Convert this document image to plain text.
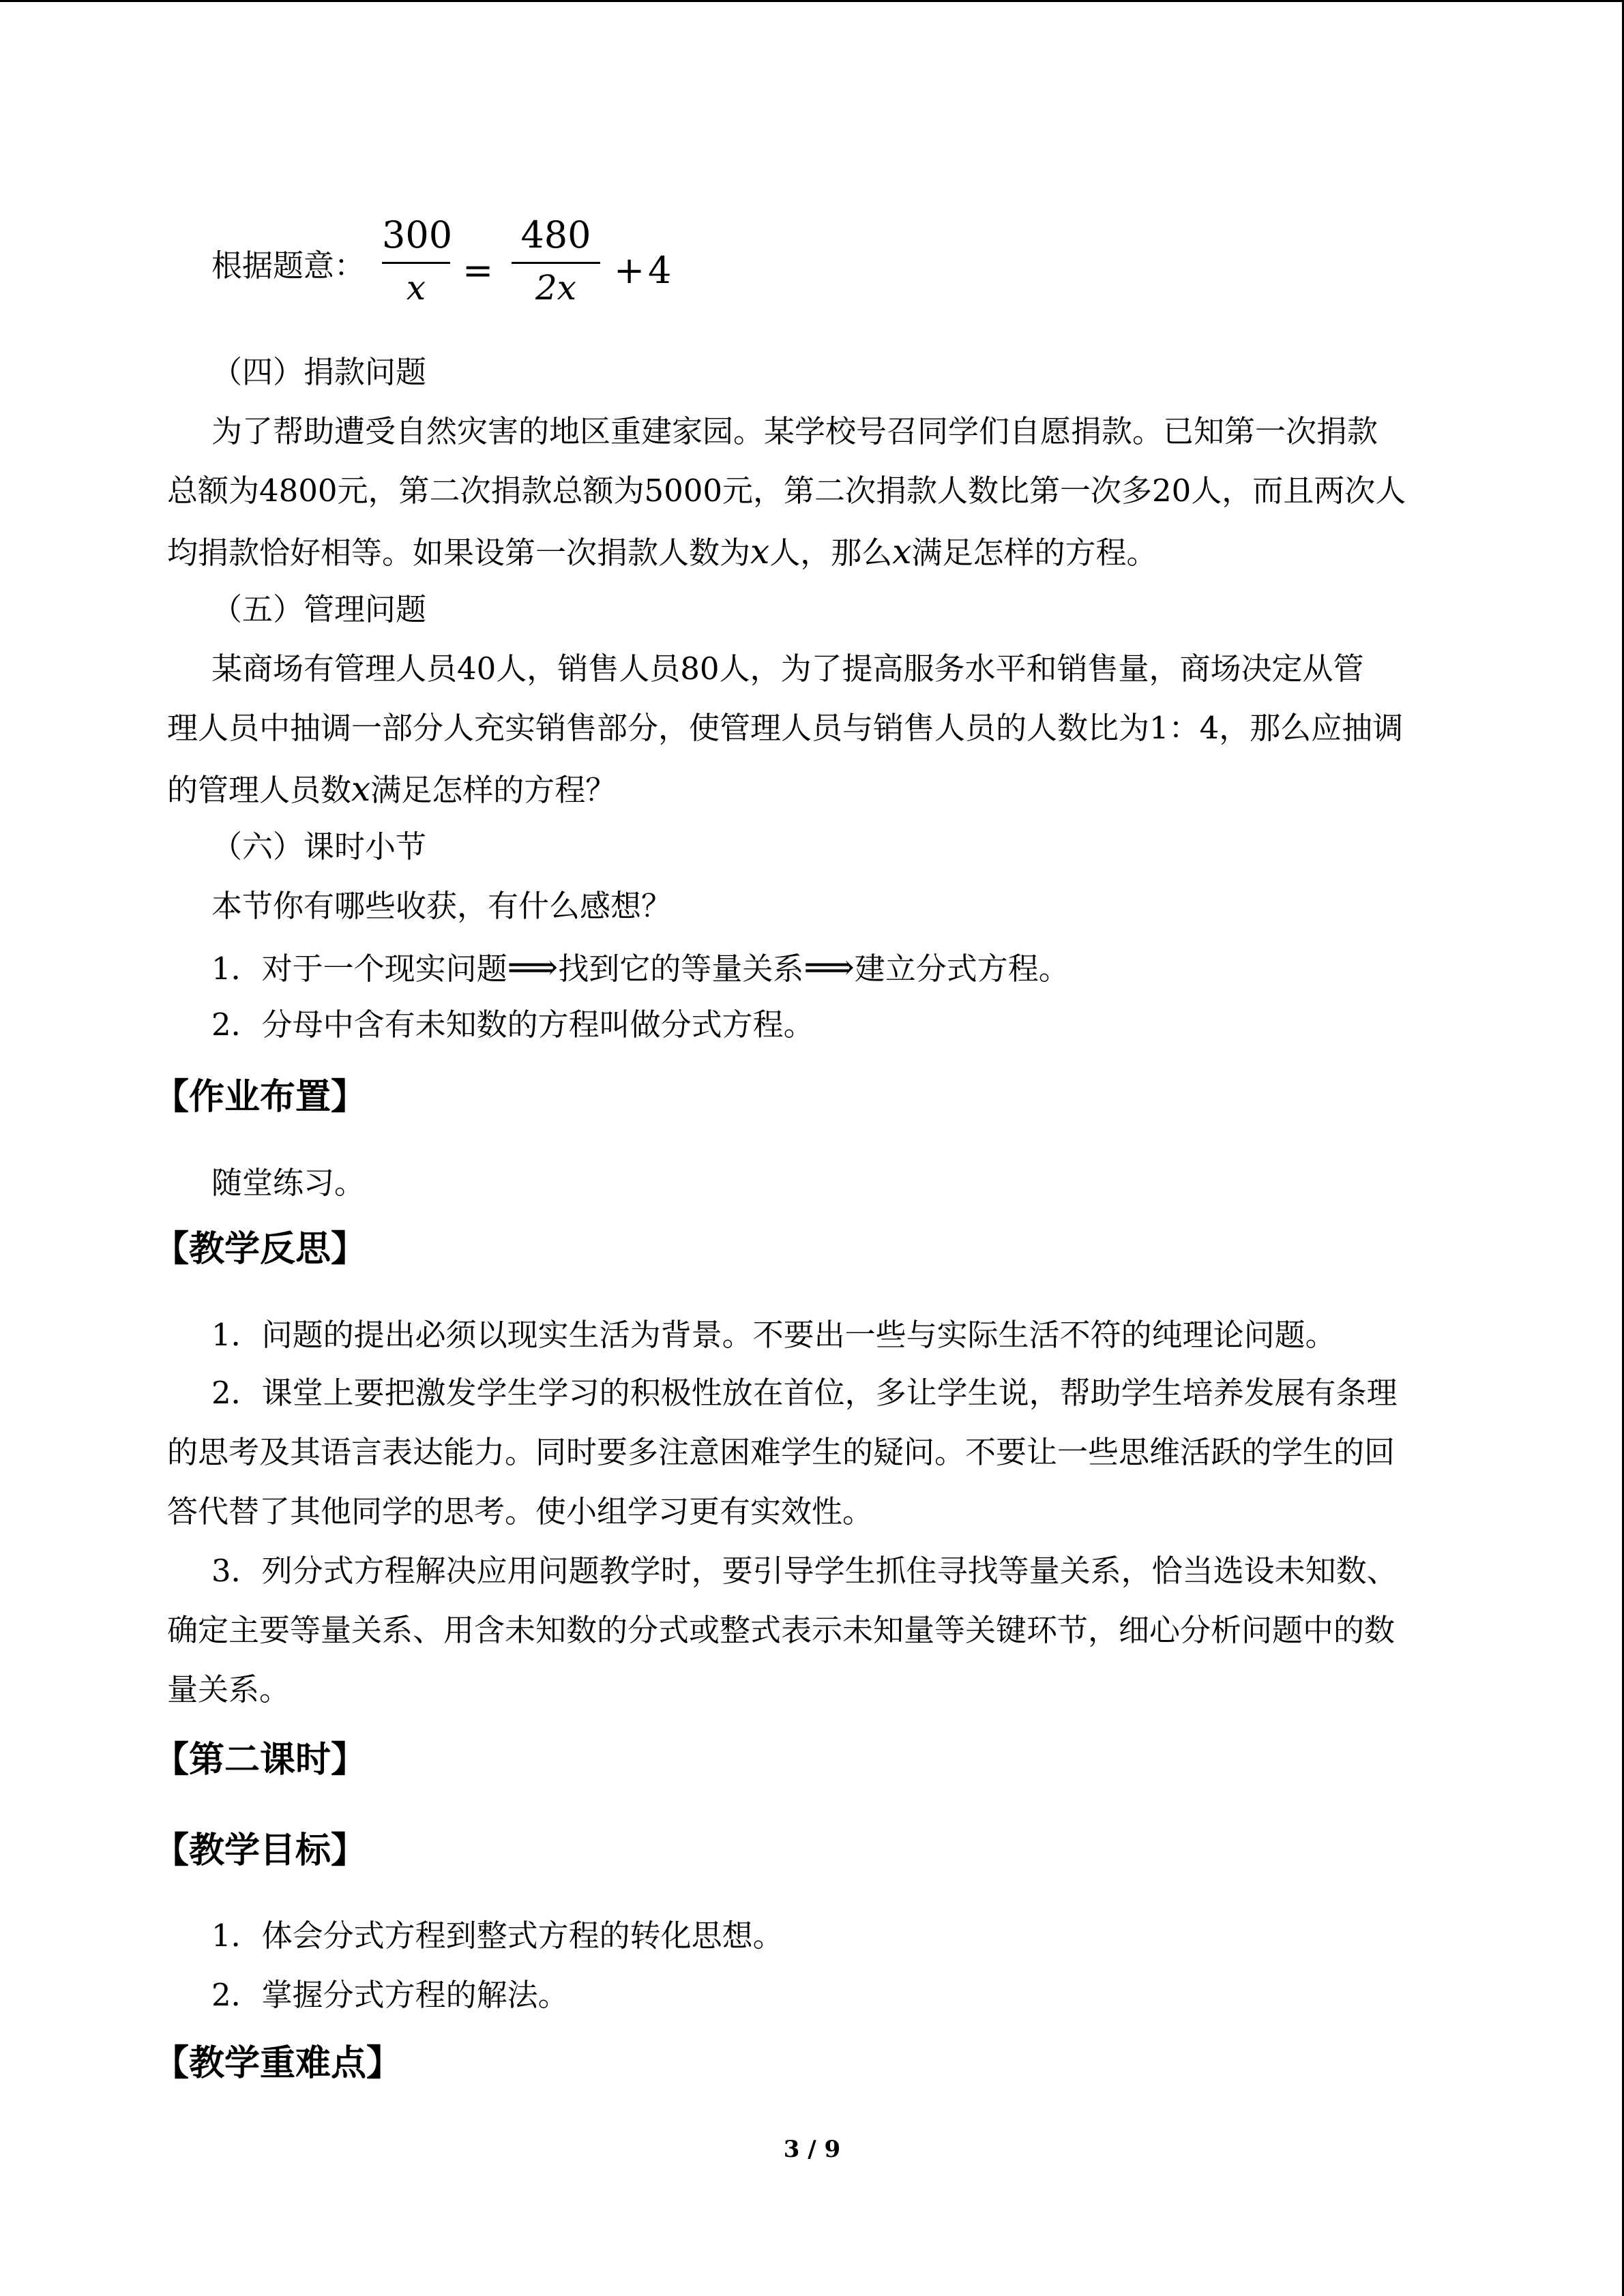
根据题意：
300
x =
480
2x	+ 4
（四）捐款问题
为了帮助遭受自然灾害的地区重建家园。某学校号召同学们自愿捐款。已知第一次捐款
总额为4800元，第二次捐款总额为5000元，第二次捐款人数比第一次多20人，而且两次人
均捐款恰好相等。如果设第一次捐款人数为x人，那么x满足怎样的方程。
（五）管理问题
某商场有管理人员40人，销售人员80人，为了提高服务水平和销售量，商场决定从管
理人员中抽调一部分人充实销售部分，使管理人员与销售人员的人数比为1：4，那么应抽调
的管理人员数x满足怎样的方程？
（六）课时小节
本节你有哪些收获，有什么感想？
1．对于一个现实问题⟹找到它的等量关系⟹建立分式方程。
2．分母中含有未知数的方程叫做分式方程。
【作业布置】
随堂练习。
【教学反思】
1．问题的提出必须以现实生活为背景。不要出一些与实际生活不符的纯理论问题。
2．课堂上要把激发学生学习的积极性放在首位，多让学生说，帮助学生培养发展有条理
的思考及其语言表达能力。同时要多注意困难学生的疑问。不要让一些思维活跃的学生的回
答代替了其他同学的思考。使小组学习更有实效性。
3．列分式方程解决应用问题教学时，要引导学生抓住寻找等量关系，恰当选设未知数、
确定主要等量关系、用含未知数的分式或整式表示未知量等关键环节，细心分析问题中的数
量关系。
【第二课时】
【教学目标】
1．体会分式方程到整式方程的转化思想。
2．掌握分式方程的解法。
【教学重难点】
3 / 9
